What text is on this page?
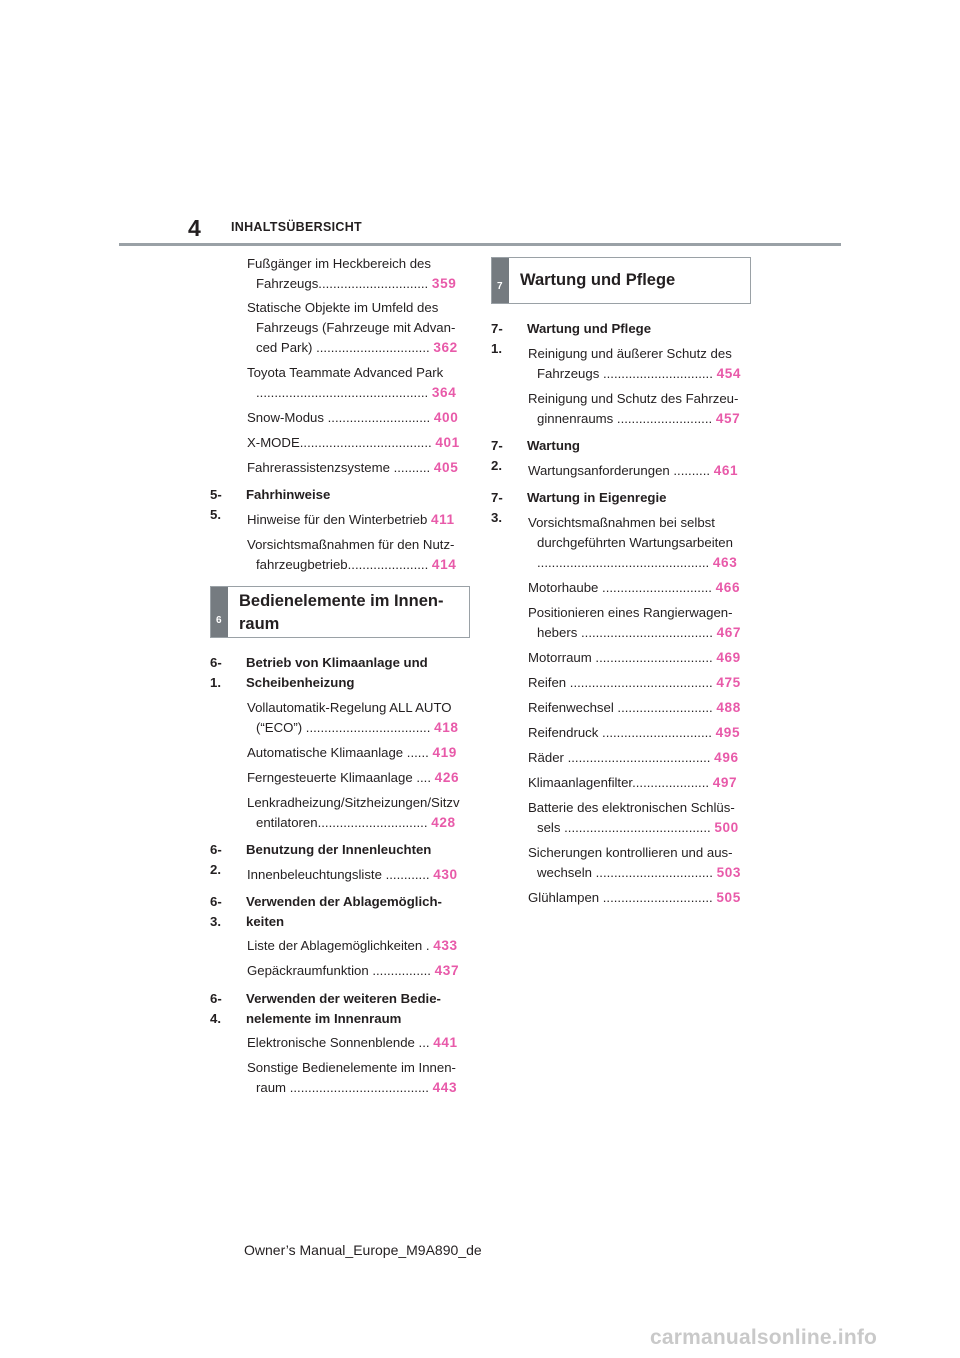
4 INHALTSÜBERSICHT
Fußgänger im Heckbereich des
Fahrzeugs.............................. 359
Statische Objekte im Umfeld des
Fahrzeugs (Fahrzeuge mit Advan-
ced Park) ............................... 362
Toyota Teammate Advanced Park
............................................... 364
Snow-Modus ............................ 400
X-MODE.................................... 401
Fahrerassistenzsysteme .......... 405
5-5.
Fahrhinweise
Hinweise für den Winterbetrieb 411
Vorsichtsmaßnahmen für den Nutz-
fahrzeugbetrieb...................... 414
6
Bedienelemente im Innen-
raum
6-1.
Betrieb von Klimaanlage und
Scheibenheizung
Vollautomatik-Regelung ALL AUTO
(“ECO”) .................................. 418
Automatische Klimaanlage ...... 419
Ferngesteuerte Klimaanlage .... 426
Lenkradheizung/Sitzheizungen/Sitzv
entilatoren.............................. 428
6-2.
Benutzung der Innenleuchten
Innenbeleuchtungsliste ............ 430
6-3.
Verwenden der Ablagemöglich-
keiten
Liste der Ablagemöglichkeiten . 433
Gepäckraumfunktion ................ 437
6-4.
Verwenden der weiteren Bedie-
nelemente im Innenraum
Elektronische Sonnenblende ... 441
Sonstige Bedienelemente im Innen-
raum ...................................... 443
7 Wartung und Pflege
7-1.
Wartung und Pflege
Reinigung und äußerer Schutz des
Fahrzeugs .............................. 454
Reinigung und Schutz des Fahrzeu-
ginnenraums .......................... 457
7-2.
Wartung
Wartungsanforderungen .......... 461
7-3.
Wartung in Eigenregie
Vorsichtsmaßnahmen bei selbst
durchgeführten Wartungsarbeiten
............................................... 463
Motorhaube .............................. 466
Positionieren eines Rangierwagen-
hebers .................................... 467
Motorraum ................................ 469
Reifen ....................................... 475
Reifenwechsel .......................... 488
Reifendruck .............................. 495
Räder ....................................... 496
Klimaanlagenfilter..................... 497
Batterie des elektronischen Schlüs-
sels ........................................ 500
Sicherungen kontrollieren und aus-
wechseln ................................ 503
Glühlampen .............................. 505
Owner’s Manual_Europe_M9A890_de
carmanualsonline.info
